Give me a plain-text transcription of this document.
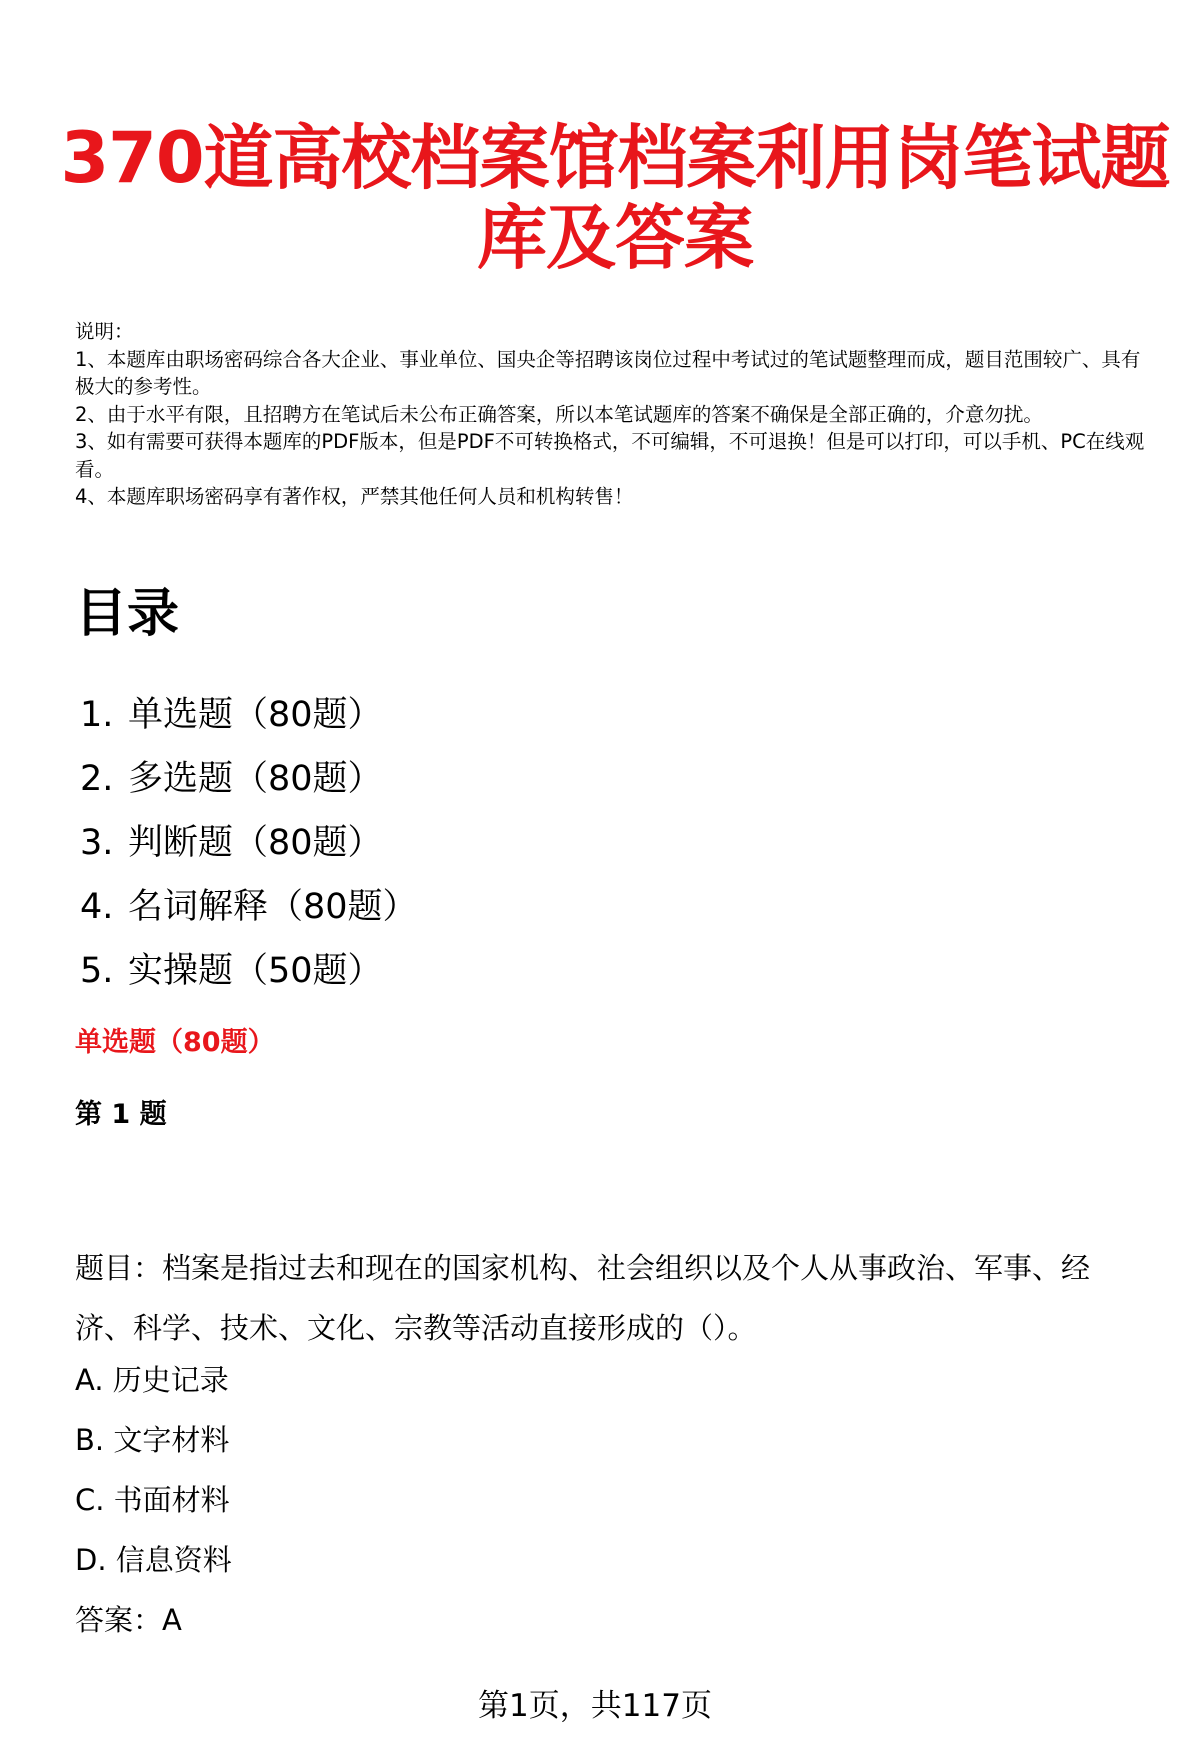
370道高校档案馆档案利用岗笔试题库及答案
说明：
1、本题库由职场密码综合各大企业、事业单位、国央企等招聘该岗位过程中考试过的笔试题整理而成，题目范围较广、具有极大的参考性。
2、由于水平有限，且招聘方在笔试后未公布正确答案，所以本笔试题库的答案不确保是全部正确的，介意勿扰。
3、如有需要可获得本题库的PDF版本，但是PDF不可转换格式，不可编辑，不可退换！但是可以打印，可以手机、PC在线观看。
4、本题库职场密码享有著作权，严禁其他任何人员和机构转售！
目录
1. 单选题（80题）
2. 多选题（80题）
3. 判断题（80题）
4. 名词解释（80题）
5. 实操题（50题）
单选题（80题）
第 1 题
题目：档案是指过去和现在的国家机构、社会组织以及个人从事政治、军事、经济、科学、技术、文化、宗教等活动直接形成的（）。
A. 历史记录
B. 文字材料
C. 书面材料
D. 信息资料
答案：A
第1页，共117页
